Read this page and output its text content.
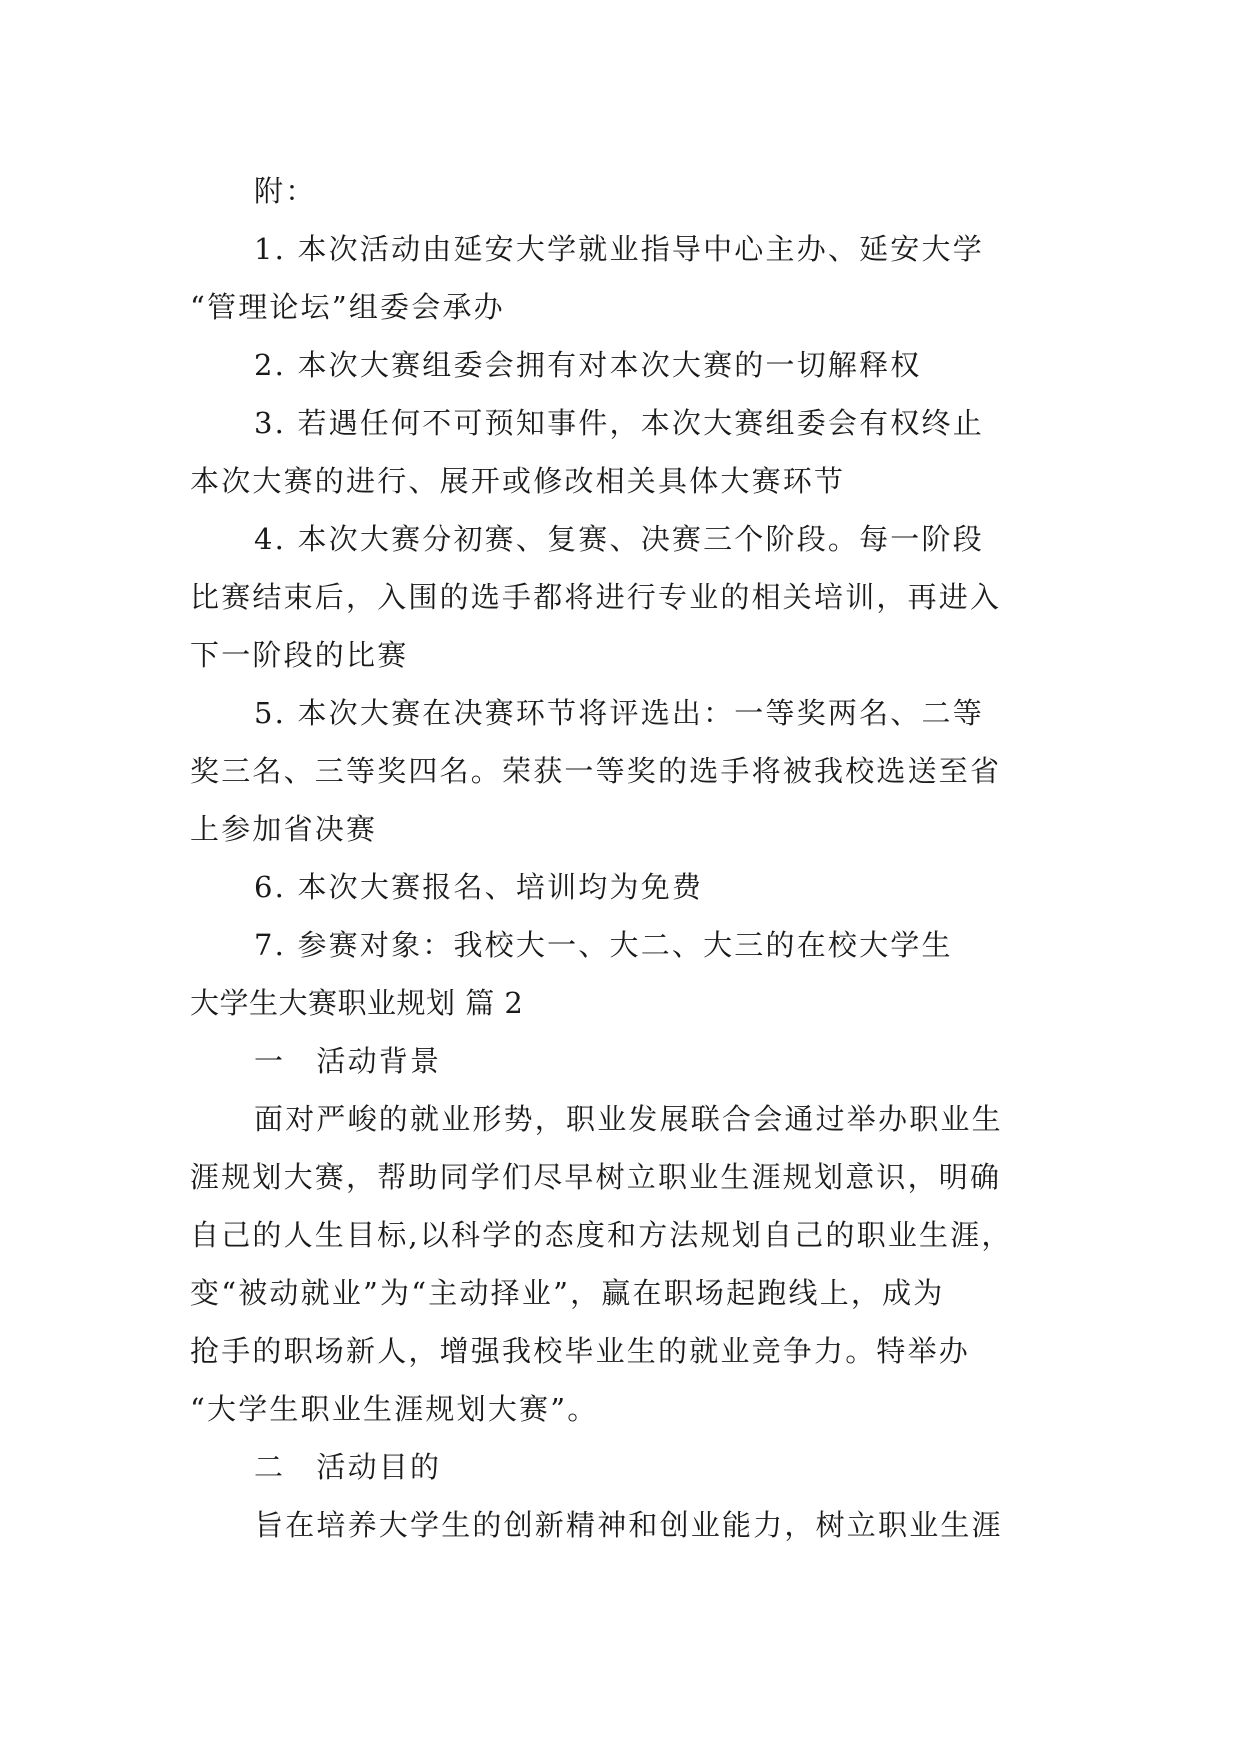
附：

1. 本次活动由延安大学就业指导中心主办、延安大学

“管理论坛”组委会承办

2. 本次大赛组委会拥有对本次大赛的一切解释权

3. 若遇任何不可预知事件，本次大赛组委会有权终止

本次大赛的进行、展开或修改相关具体大赛环节

4. 本次大赛分初赛、复赛、决赛三个阶段。每一阶段

比赛结束后，入围的选手都将进行专业的相关培训，再进入

下一阶段的比赛

5. 本次大赛在决赛环节将评选出：一等奖两名、二等

奖三名、三等奖四名。荣获一等奖的选手将被我校选送至省

上参加省决赛

6. 本次大赛报名、培训均为免费

7. 参赛对象：我校大一、大二、大三的在校大学生

大学生大赛职业规划 篇 2

一　活动背景

面对严峻的就业形势，职业发展联合会通过举办职业生

涯规划大赛，帮助同学们尽早树立职业生涯规划意识，明确

自己的人生目标,以科学的态度和方法规划自己的职业生涯，

变“被动就业”为“主动择业”，赢在职场起跑线上，成为

抢手的职场新人，增强我校毕业生的就业竞争力。特举办

“大学生职业生涯规划大赛”。

二　活动目的

旨在培养大学生的创新精神和创业能力，树立职业生涯
